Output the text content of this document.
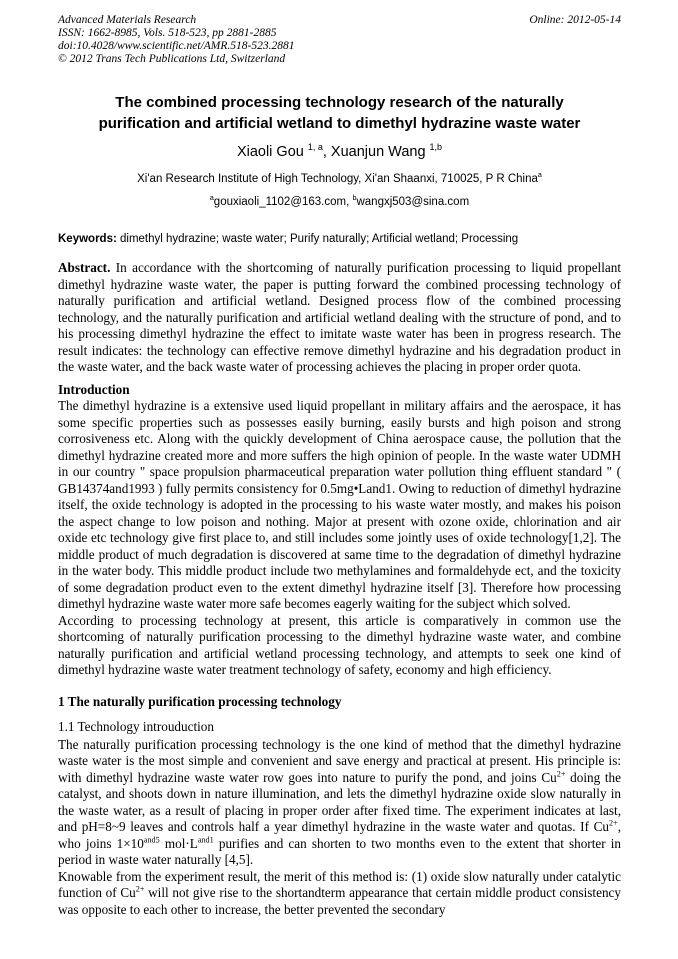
Advanced Materials Research
ISSN: 1662-8985, Vols. 518-523, pp 2881-2885
doi:10.4028/www.scientific.net/AMR.518-523.2881
© 2012 Trans Tech Publications Ltd, Switzerland
Online: 2012-05-14
The combined processing technology research of the naturally
purification and artificial wetland to dimethyl hydrazine waste water
Xiaoli Gou $^{1, a}$, Xuanjun Wang $^{1,b}$
Xi'an Research Institute of High Technology, Xi'an Shaanxi, 710025, P R China$^a$
$^a$gouxiaoli_1102@163.com, $^b$wangxj503@sina.com

Keywords: dimethyl hydrazine; waste water; Purify naturally; Artificial wetland; Processing

Abstract. In accordance with the shortcoming of naturally purification processing to liquid propellant dimethyl hydrazine waste water, the paper is putting forward the combined processing technology of naturally purification and artificial wetland. Designed process flow of the combined processing technology, and the naturally purification and artificial wetland dealing with the structure of pond, and to his processing dimethyl hydrazine the effect to imitate waste water has been in progress research. The result indicates: the technology can effective remove dimethyl hydrazine and his degradation product in the waste water, and the back waste water of processing achieves the placing in proper order quota.

Introduction

The dimethyl hydrazine is a extensive used liquid propellant in military affairs and the aerospace, it has some specific properties such as possesses easily burning, easily bursts and high poison and strong corrosiveness etc. Along with the quickly development of China aerospace cause, the pollution that the dimethyl hydrazine created more and more suffers the high opinion of people. In the waste water UDMH in our country " space propulsion pharmaceutical preparation water pollution thing effluent standard " ( GB14374and1993 ) fully permits consistency for 0.5mg•Land1. Owing to reduction of dimethyl hydrazine itself, the oxide technology is adopted in the processing to his waste water mostly, and makes his poison the aspect change to low poison and nothing. Major at present with ozone oxide, chlorination and air oxide etc technology give first place to, and still includes some jointly uses of oxide technology[1,2]. The middle product of much degradation is discovered at same time to the degradation of dimethyl hydrazine in the water body. This middle product include two methylamines and formaldehyde ect, and the toxicity of some degradation product even to the extent dimethyl hydrazine itself [3]. Therefore how processing dimethyl hydrazine waste water more safe becomes eagerly waiting for the subject which solved.

According to processing technology at present, this article is comparatively in common use the shortcoming of naturally purification processing to the dimethyl hydrazine waste water, and combine naturally purification and artificial wetland processing technology, and attempts to seek one kind of dimethyl hydrazine waste water treatment technology of safety, economy and high efficiency.

1 The naturally purification processing technology
1.1 Technology introuduction

The naturally purification processing technology is the one kind of method that the dimethyl hydrazine waste water is the most simple and convenient and save energy and practical at present. His principle is: with dimethyl hydrazine waste water row goes into nature to purify the pond, and joins $Cu^{2+}$ doing the catalyst, and shoots down in nature illumination, and lets the dimethyl hydrazine oxide slow naturally in the waste water, as a result of placing in proper order after fixed time. The experiment indicates at last, and pH=8~9 leaves and controls half a year dimethyl hydrazine in the waste water and quotas. If $Cu^{2+}$, who joins $1\times 10^{and5}$ $mol\cdot L^{and1}$ purifies and can shorten to two months even to the extent that shorter in period in waste water naturally [4,5].

Knowable from the experiment result, the merit of this method is: (1) oxide slow naturally under catalytic function of $Cu^{2+}$ will not give rise to the shortandterm appearance that certain middle product consistency was opposite to each other to increase, the better prevented the secondary
